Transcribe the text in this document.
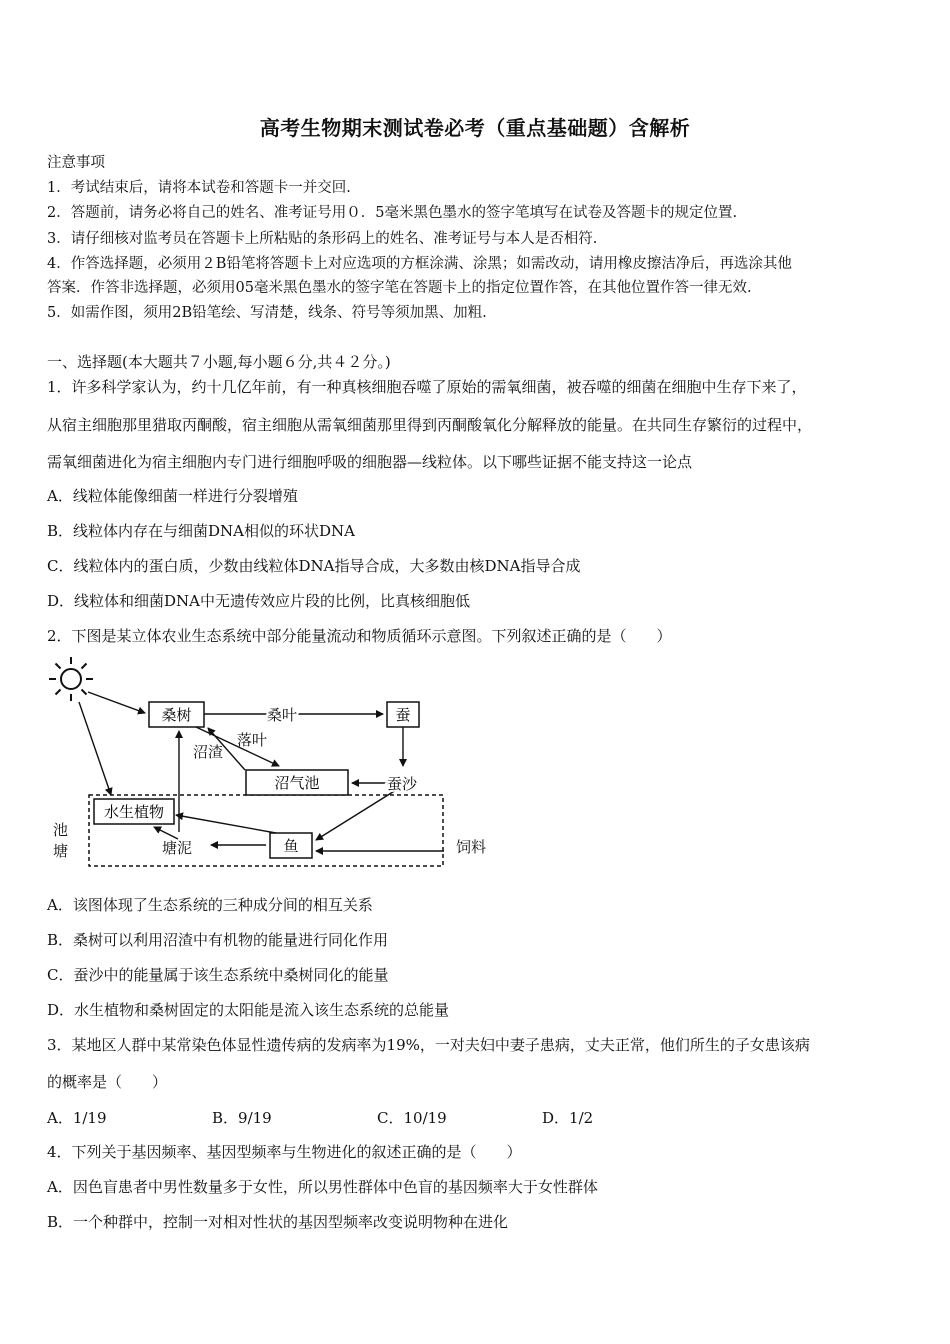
高考生物期末测试卷必考（重点基础题）含解析
注意事项
1．考试结束后，请将本试卷和答题卡一并交回.
2．答题前，请务必将自己的姓名、准考证号用０．5毫米黑色墨水的签字笔填写在试卷及答题卡的规定位置.
3．请仔细核对监考员在答题卡上所粘贴的条形码上的姓名、准考证号与本人是否相符.
4．作答选择题，必须用２B铅笔将答题卡上对应选项的方框涂满、涂黑；如需改动，请用橡皮擦洁净后，再选涂其他
答案．作答非选择题，必须用05毫米黑色墨水的签字笔在答题卡上的指定位置作答，在其他位置作答一律无效.
5．如需作图，须用2B铅笔绘、写清楚，线条、符号等须加黑、加粗.
一、选择题(本大题共７小题,每小题６分,共４２分。)
1．许多科学家认为，约十几亿年前，有一种真核细胞吞噬了原始的需氧细菌，被吞噬的细菌在细胞中生存下来了，
从宿主细胞那里猎取丙酮酸，宿主细胞从需氧细菌那里得到丙酮酸氧化分解释放的能量。在共同生存繁衍的过程中，
需氧细菌进化为宿主细胞内专门进行细胞呼吸的细胞器—线粒体。以下哪些证据不能支持这一论点
A．线粒体能像细菌一样进行分裂增殖
B．线粒体内存在与细菌DNA相似的环状DNA
C．线粒体内的蛋白质，少数由线粒体DNA指导合成，大多数由核DNA指导合成
D．线粒体和细菌DNA中无遗传效应片段的比例，比真核细胞低
2．下图是某立体农业生态系统中部分能量流动和物质循环示意图。下列叙述正确的是（　　）
桑树	蚕
沼气池
水生植物
鱼
桑叶
落叶
沼渣
蚕沙
塘泥	饲料
池塘
A．该图体现了生态系统的三种成分间的相互关系
B．桑树可以利用沼渣中有机物的能量进行同化作用
C．蚕沙中的能量属于该生态系统中桑树同化的能量
D．水生植物和桑树固定的太阳能是流入该生态系统的总能量
3．某地区人群中某常染色体显性遗传病的发病率为19%，一对夫妇中妻子患病，丈夫正常，他们所生的子女患该病
的概率是（　　）
A．1/19	B．9/19	C．10/19	D．1/2
4．下列关于基因频率、基因型频率与生物进化的叙述正确的是（　　）
A．因色盲患者中男性数量多于女性，所以男性群体中色盲的基因频率大于女性群体
B．一个种群中，控制一对相对性状的基因型频率改变说明物种在进化
